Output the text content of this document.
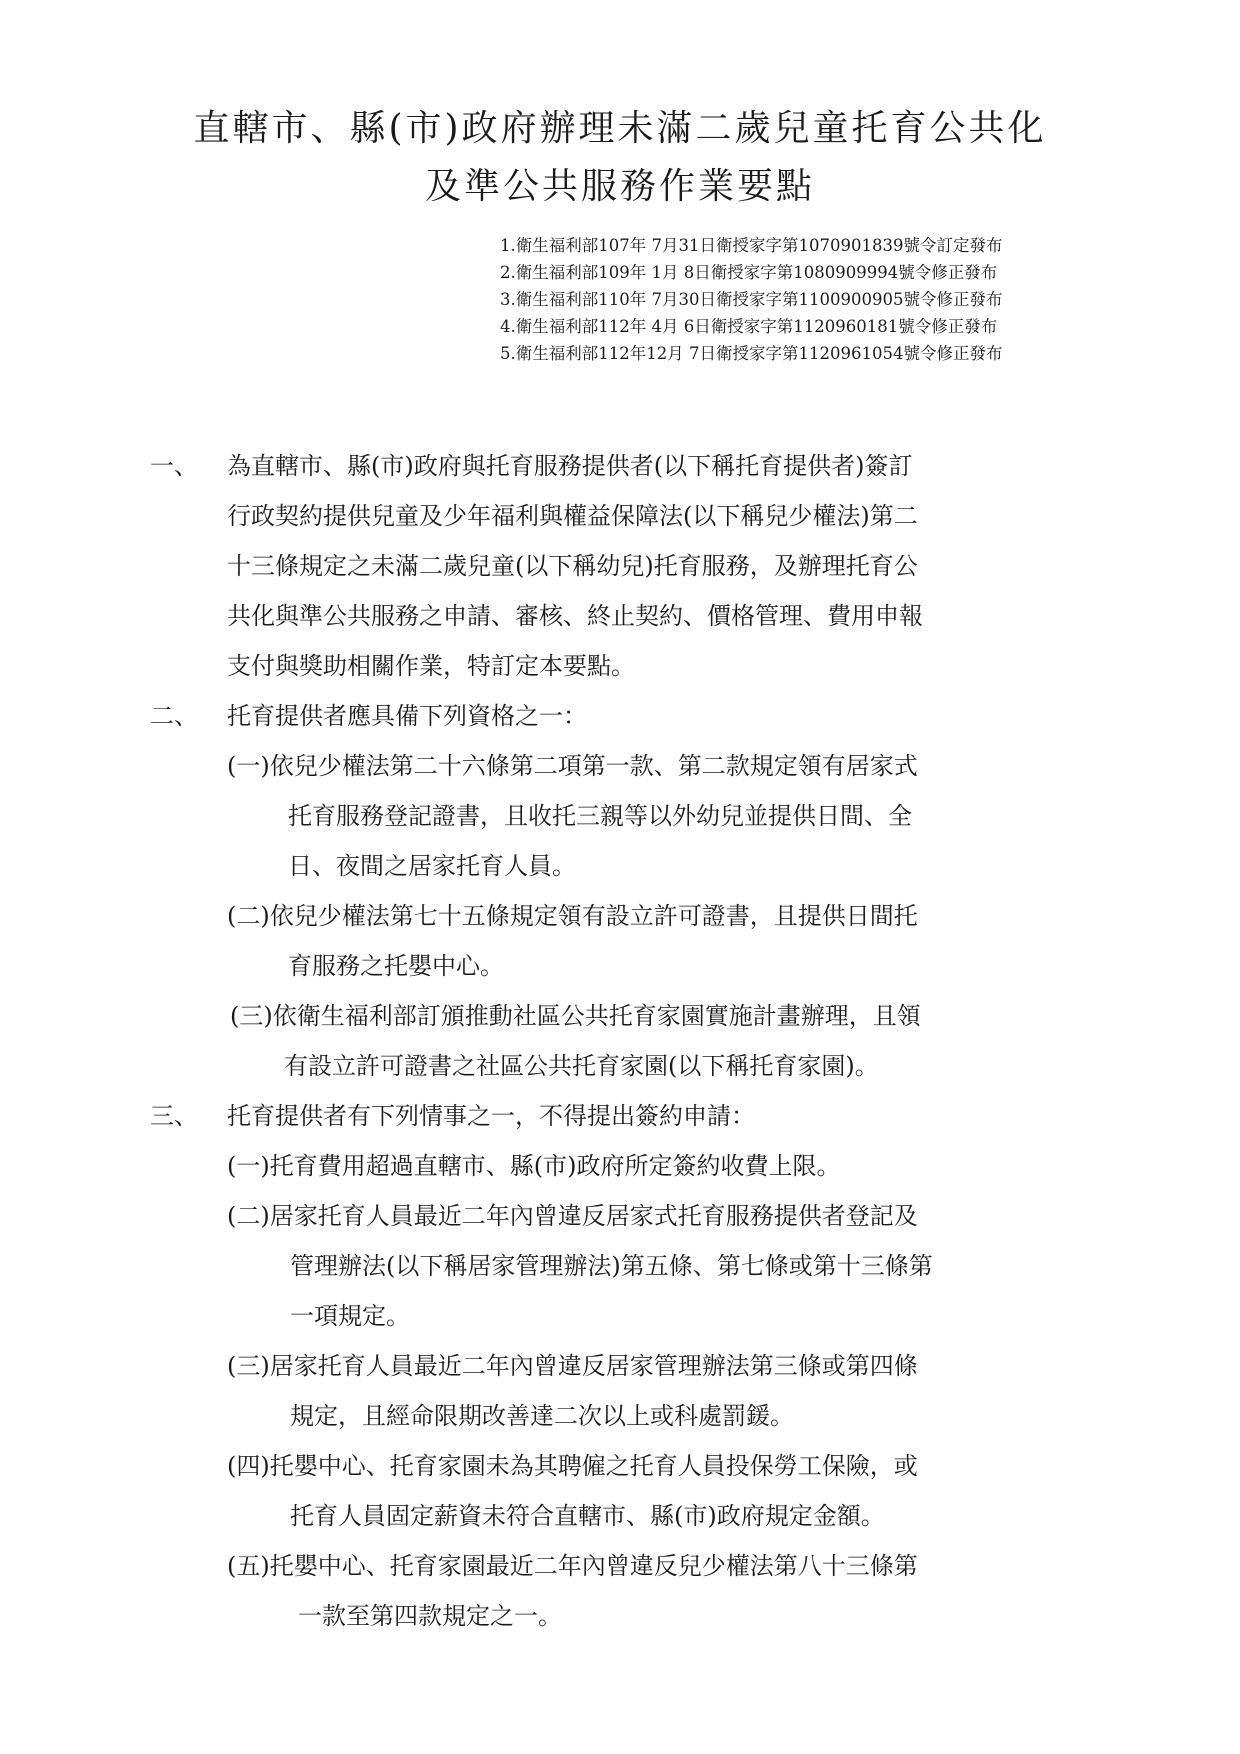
直轄市、縣(市)政府辦理未滿二歲兒童托育公共化
及準公共服務作業要點
1.衛生福利部107年 7月31日衛授家字第1070901839號令訂定發布
2.衛生福利部109年 1月 8日衛授家字第1080909994號令修正發布
3.衛生福利部110年 7月30日衛授家字第1100900905號令修正發布
4.衛生福利部112年 4月 6日衛授家字第1120960181號令修正發布
5.衛生福利部112年12月 7日衛授家字第1120961054號令修正發布
一、 為直轄市、縣(市)政府與托育服務提供者(以下稱托育提供者)簽訂
行政契約提供兒童及少年福利與權益保障法(以下稱兒少權法)第二
十三條規定之未滿二歲兒童(以下稱幼兒)托育服務，及辦理托育公
共化與準公共服務之申請、審核、終止契約、價格管理、費用申報
支付與獎助相關作業，特訂定本要點。
二、 托育提供者應具備下列資格之一：
(一)依兒少權法第二十六條第二項第一款、第二款規定領有居家式
托育服務登記證書，且收托三親等以外幼兒並提供日間、全
日、夜間之居家托育人員。
(二)依兒少權法第七十五條規定領有設立許可證書，且提供日間托
育服務之托嬰中心。
(三)依衛生福利部訂頒推動社區公共托育家園實施計畫辦理，且領
有設立許可證書之社區公共托育家園(以下稱托育家園)。
三、 托育提供者有下列情事之一，不得提出簽約申請：
(一)托育費用超過直轄市、縣(市)政府所定簽約收費上限。
(二)居家托育人員最近二年內曾違反居家式托育服務提供者登記及
管理辦法(以下稱居家管理辦法)第五條、第七條或第十三條第
一項規定。
(三)居家托育人員最近二年內曾違反居家管理辦法第三條或第四條
規定，且經命限期改善達二次以上或科處罰鍰。
(四)托嬰中心、托育家園未為其聘僱之托育人員投保勞工保險，或
托育人員固定薪資未符合直轄市、縣(市)政府規定金額。
(五)托嬰中心、托育家園最近二年內曾違反兒少權法第八十三條第
一款至第四款規定之一。
